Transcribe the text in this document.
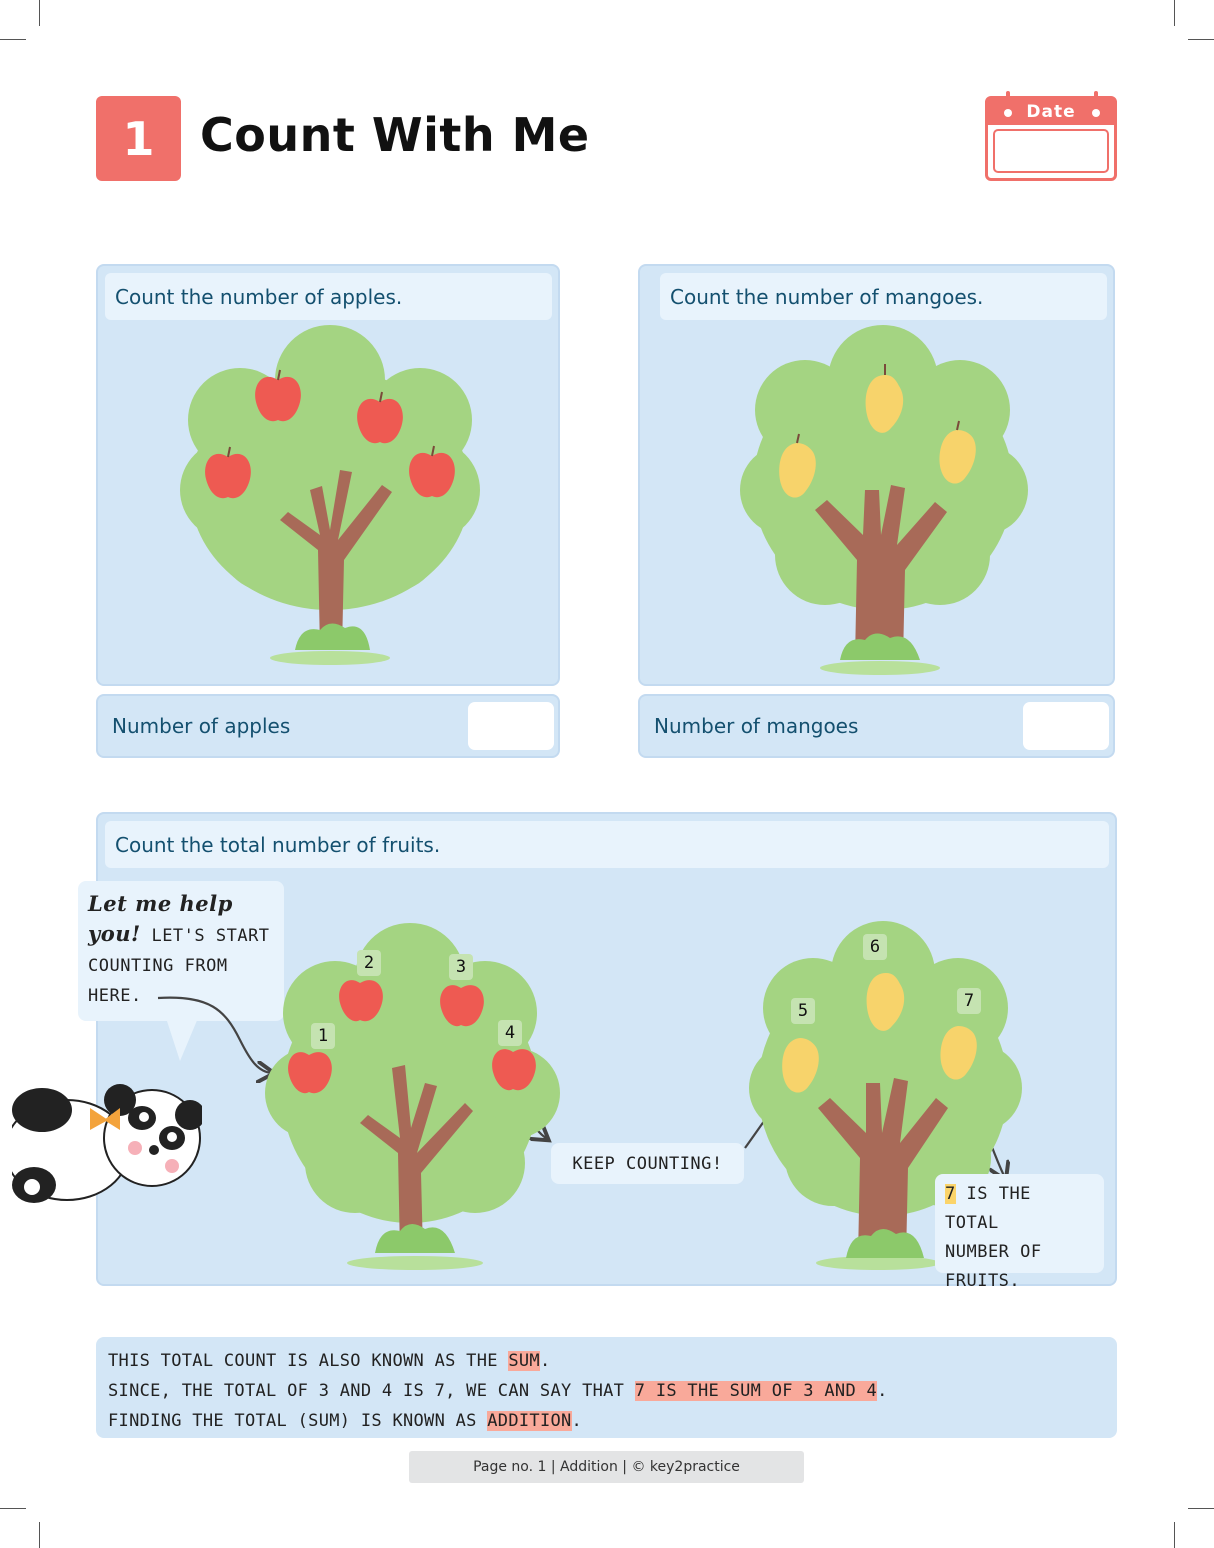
1 Count With Me	Date
Count the number of apples.
Number of apples
Count the number of mangoes.
Number of mangoes
Count the total number of fruits.
Let me help you! LET'S START
COUNTING FROM
HERE.
1
2	3
4
KEEP COUNTING!
5
6
7
7 IS THE TOTAL
NUMBER OF
FRUITS.
THIS TOTAL COUNT IS ALSO KNOWN AS THE SUM.
SINCE, THE TOTAL OF 3 AND 4 IS 7, WE CAN SAY THAT 7 IS THE SUM OF 3 AND 4.
FINDING THE TOTAL (SUM) IS KNOWN AS ADDITION.
Page no. 1 | Addition | © key2practice
